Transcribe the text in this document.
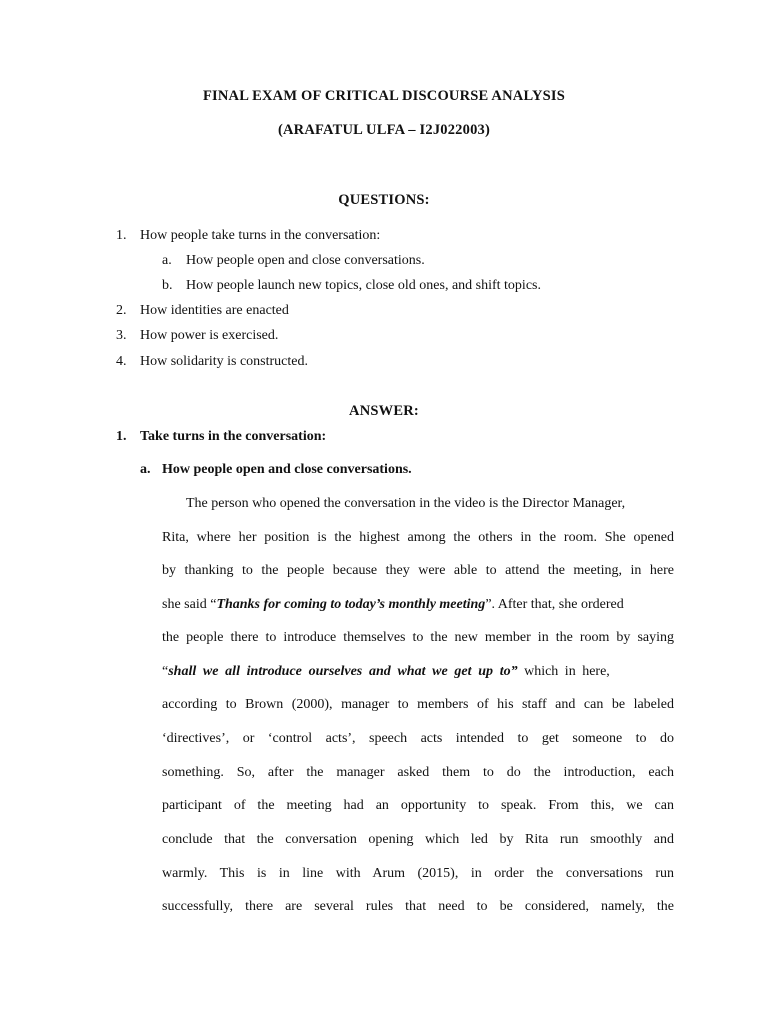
FINAL EXAM OF CRITICAL DISCOURSE ANALYSIS
(ARAFATUL ULFA – I2J022003)
QUESTIONS:
1. How people take turns in the conversation:
a. How people open and close conversations.
b. How people launch new topics, close old ones, and shift topics.
2. How identities are enacted
3. How power is exercised.
4. How solidarity is constructed.
ANSWER:
1. Take turns in the conversation:
a. How people open and close conversations.
The person who opened the conversation in the video is the Director Manager,
Rita, where her position is the highest among the others in the room. She opened
by thanking to the people because they were able to attend the meeting, in here
she said “Thanks for coming to today’s monthly meeting”. After that, she ordered
the people there to introduce themselves to the new member in the room by saying
“shall we all introduce ourselves and what we get up to” which in here,
according to Brown (2000), manager to members of his staff and can be labeled
‘directives’, or ‘control acts’, speech acts intended to get someone to do
something. So, after the manager asked them to do the introduction, each
participant of the meeting had an opportunity to speak. From this, we can
conclude that the conversation opening which led by Rita run smoothly and
warmly. This is in line with Arum (2015), in order the conversations run
successfully, there are several rules that need to be considered, namely, the
